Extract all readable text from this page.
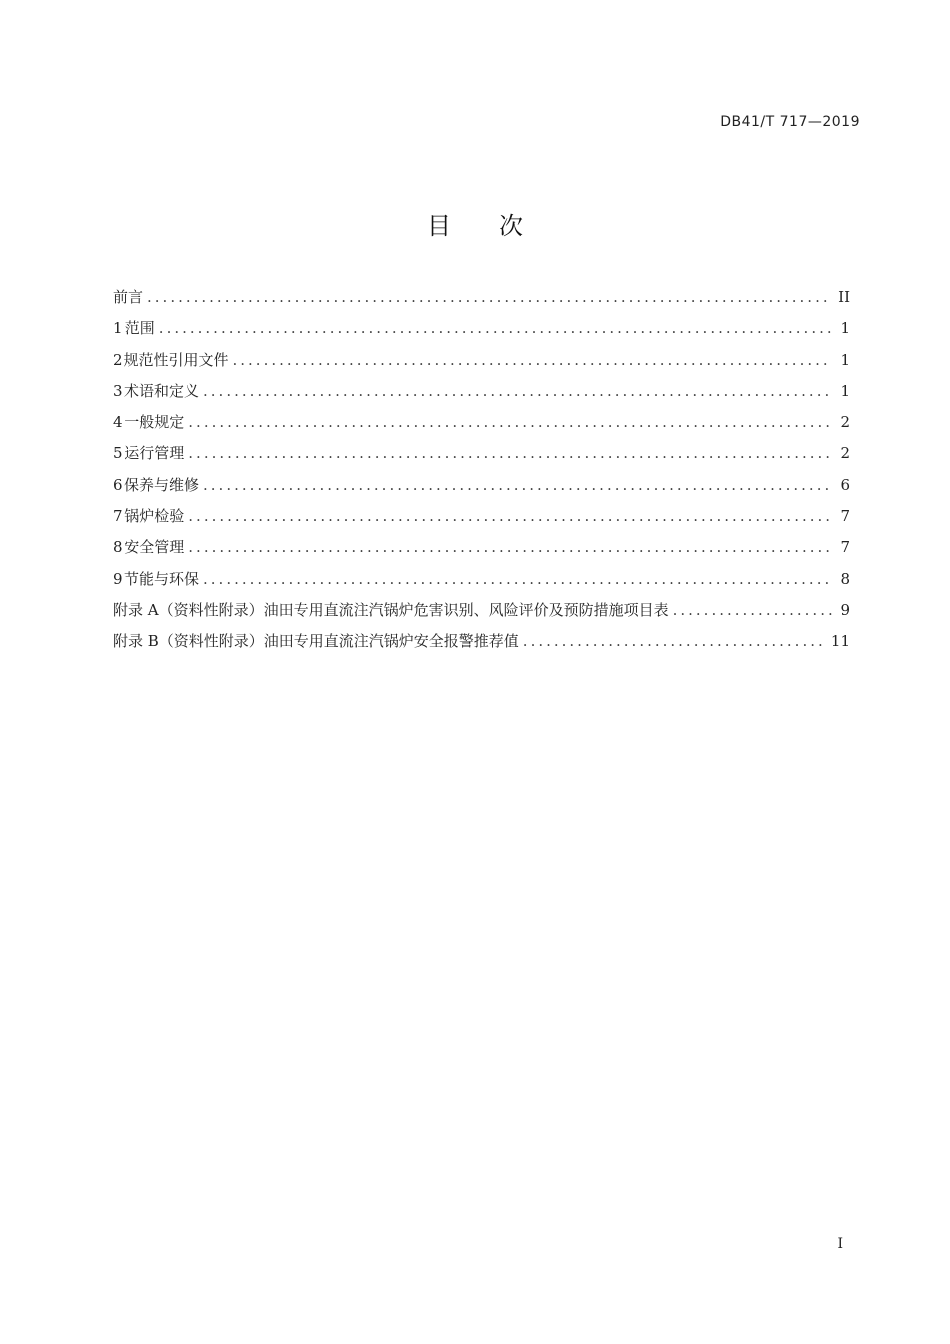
DB41/T 717—2019
目 次
前言 .....	II
1 范围 .....	1
2 规范性引用文件 .....	1
3 术语和定义 .....	1
4 一般规定 .....	2
5 运行管理 .....	2
6 保养与维修 .....	6
7 锅炉检验 .....	7
8 安全管理 .....	7
9 节能与环保 .....	8
附录 A（资料性附录）油田专用直流注汽锅炉危害识别、风险评价及预防措施项目表 .....	9
附录 B（资料性附录）油田专用直流注汽锅炉安全报警推荐值 .....	11
I
